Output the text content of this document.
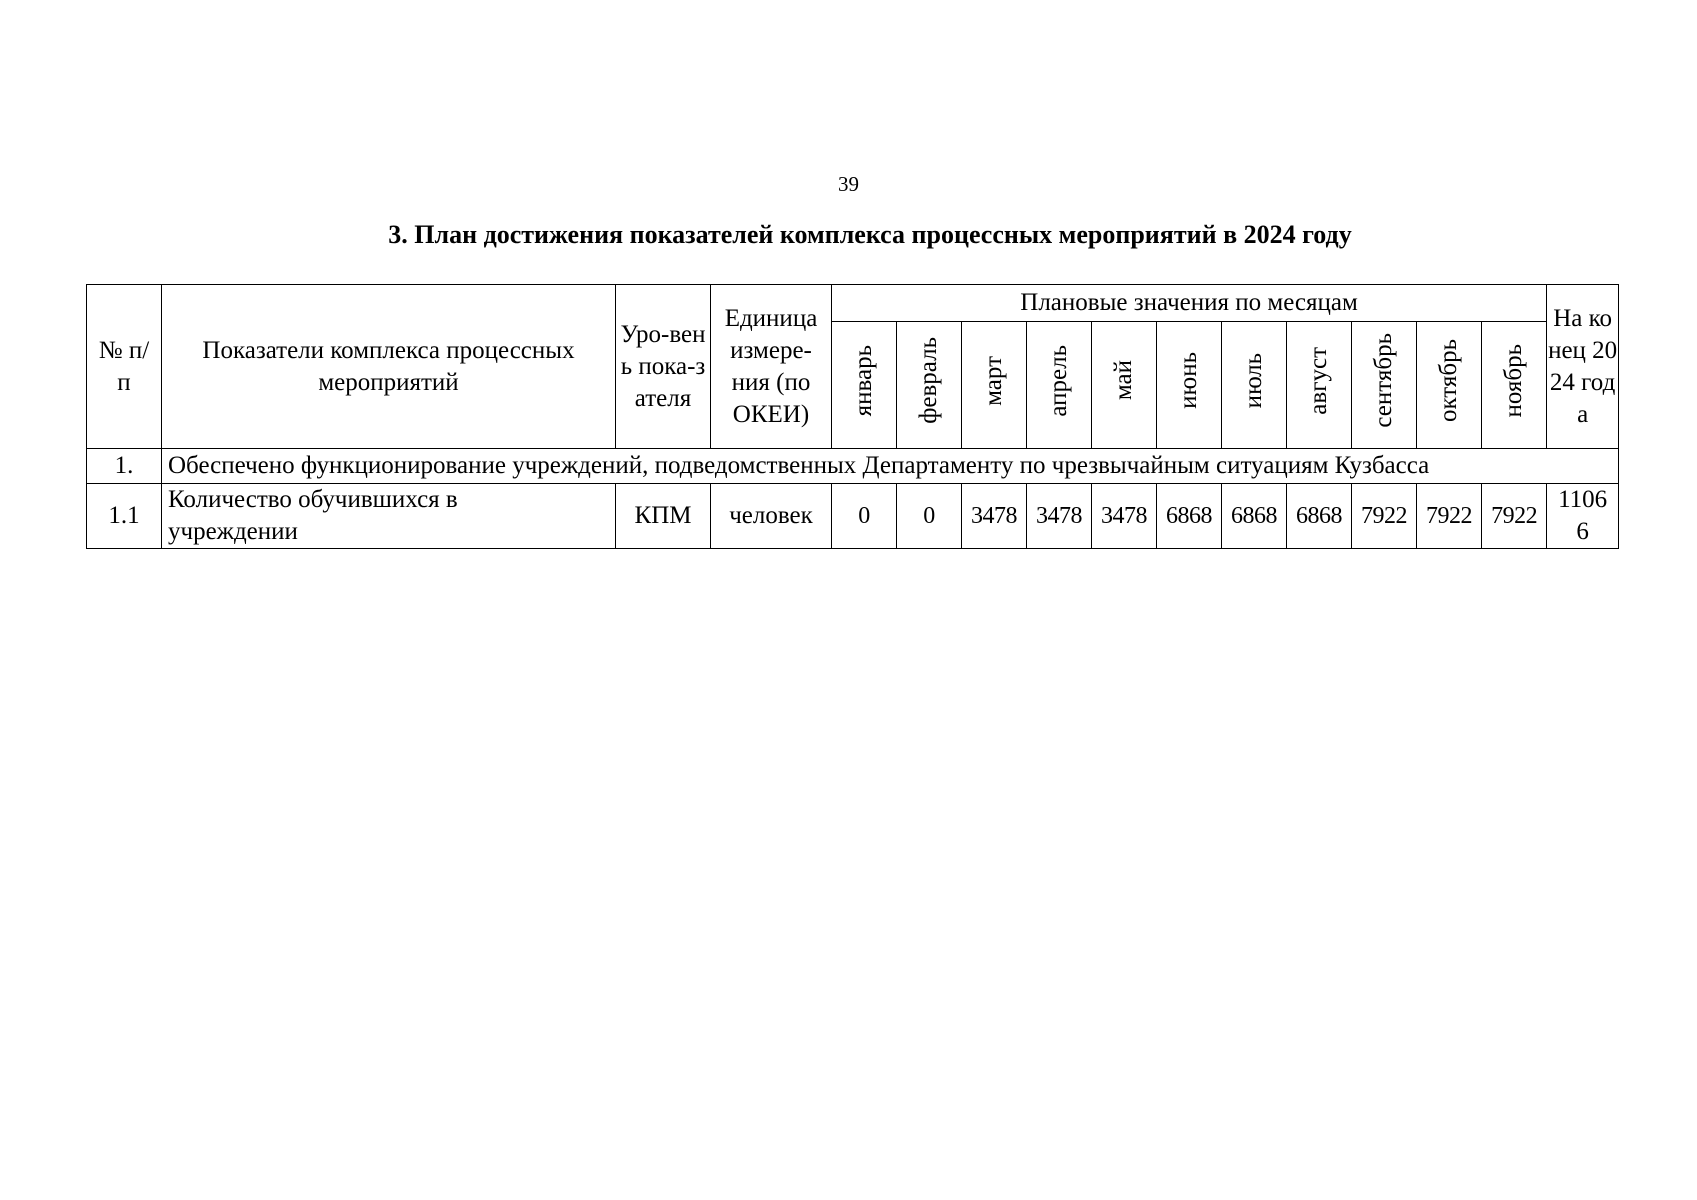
39
3. План достижения показателей комплекса процессных мероприятий в 2024 году
№ п/п	Показатели комплекса процессных мероприятий	Уро-вень пока-зателя	Единица измере-ния (по ОКЕИ)	Плановые значения по месяцам											На конец 2024 года
				январь	февраль	март	апрель	май	июнь	июль	август	сентябрь	октябрь	ноябрь	
1.	Обеспечено функционирование учреждений, подведомственных Департаменту по чрезвычайным ситуациям Кузбасса														
1.1	Количество обучившихся в учреждении	КПМ	человек	0	0	3478	3478	3478	6868	6868	6868	7922	7922	7922	11066
